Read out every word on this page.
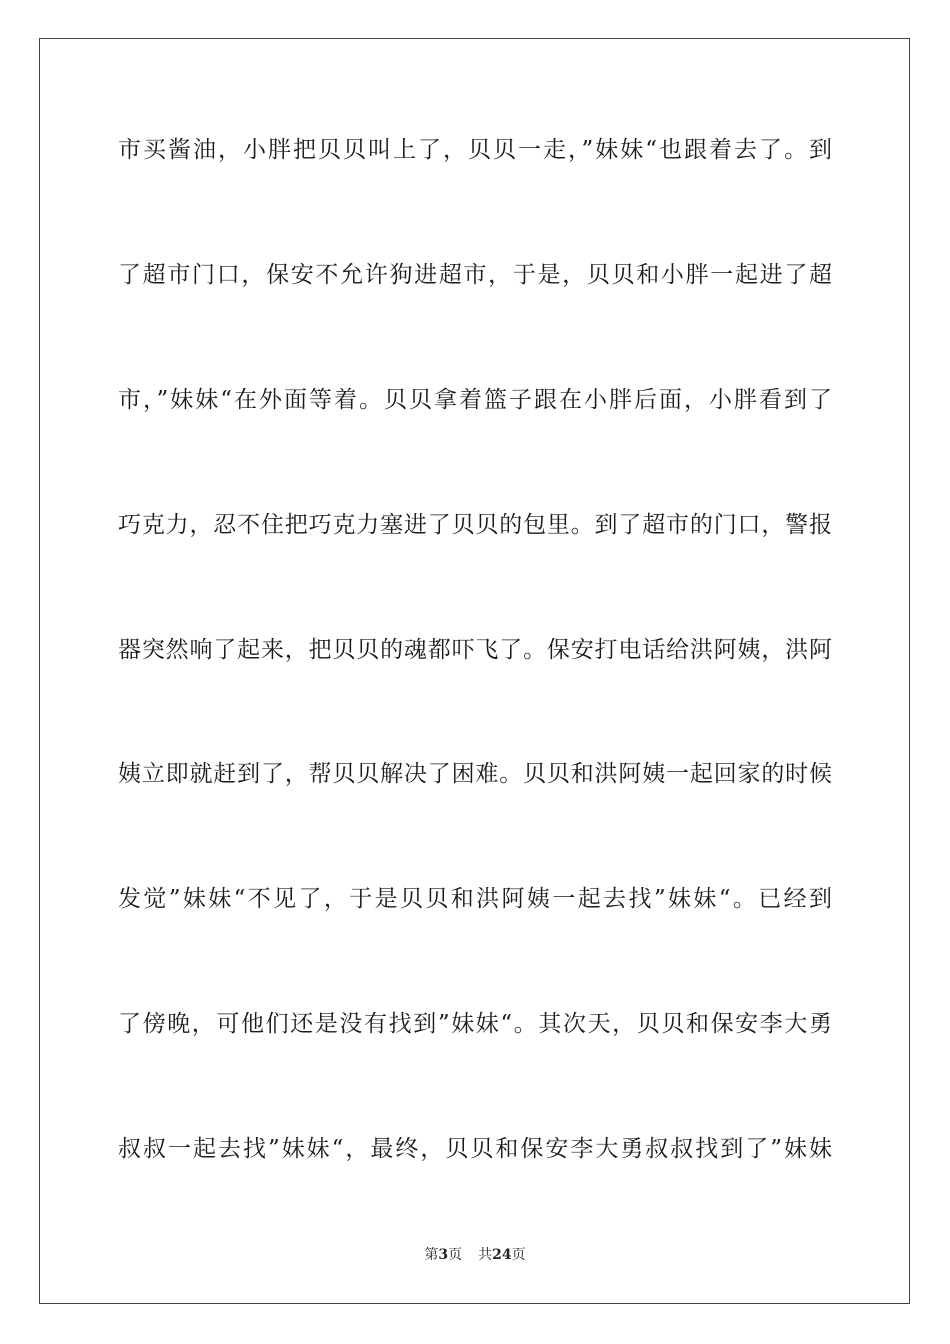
市买酱油，小胖把贝贝叫上了，贝贝一走，”妹妹“也跟着去了。到
了超市门口，保安不允许狗进超市，于是，贝贝和小胖一起进了超
市，”妹妹“在外面等着。贝贝拿着篮子跟在小胖后面，小胖看到了
巧克力，忍不住把巧克力塞进了贝贝的包里。到了超市的门口，警报
器突然响了起来，把贝贝的魂都吓飞了。保安打电话给洪阿姨，洪阿
姨立即就赶到了，帮贝贝解决了困难。贝贝和洪阿姨一起回家的时候
发觉”妹妹“不见了，于是贝贝和洪阿姨一起去找”妹妹“。已经到
了傍晚，可他们还是没有找到”妹妹“。其次天，贝贝和保安李大勇
叔叔一起去找”妹妹“，最终，贝贝和保安李大勇叔叔找到了”妹妹
第3页 共24页
